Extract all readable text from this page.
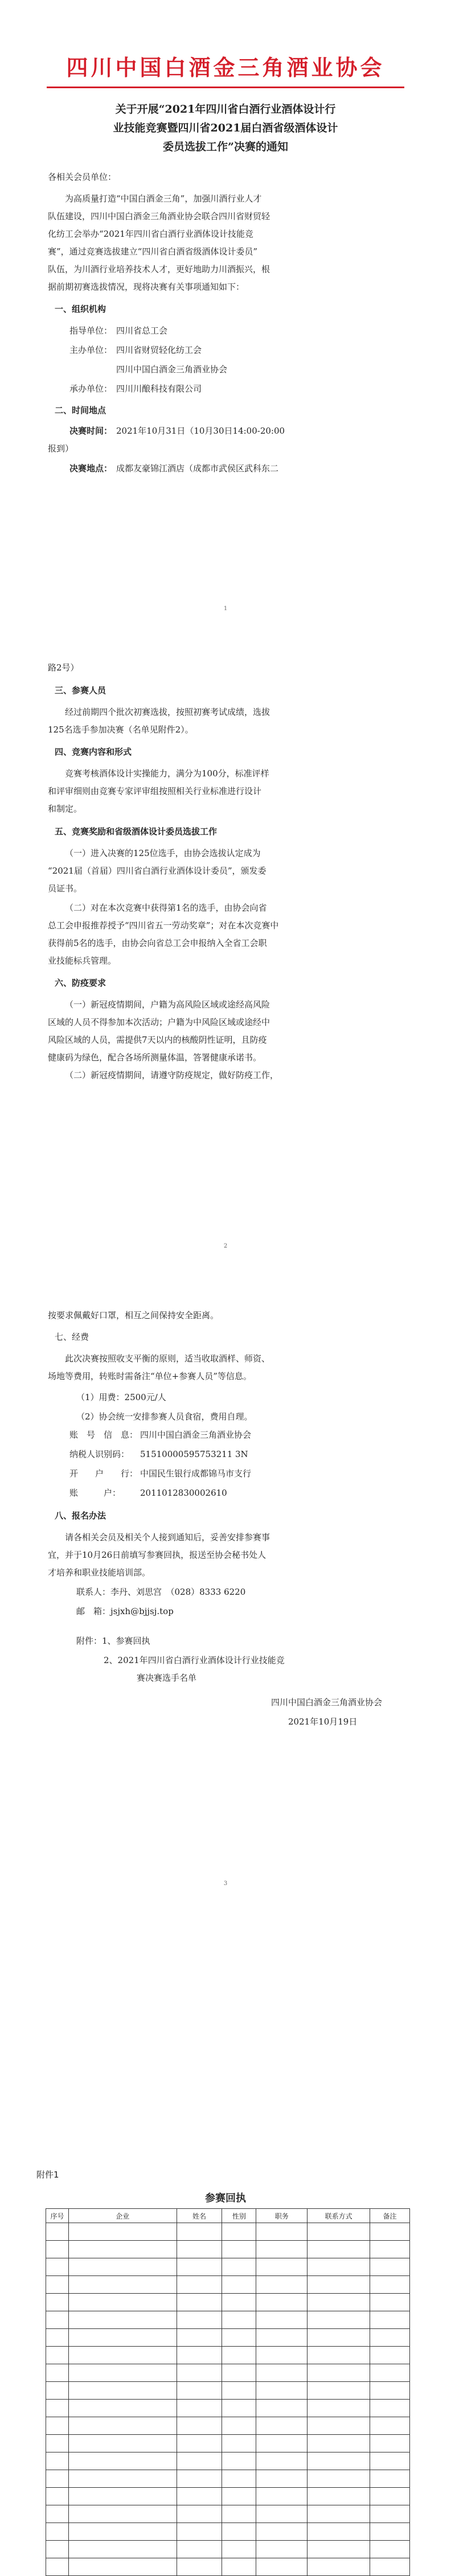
四川中国白酒金三角酒业协会
关于开展“2021年四川省白酒行业酒体设计行
业技能竞赛暨四川省2021届白酒省级酒体设计
委员选拔工作”决赛的通知
各相关会员单位：
为高质量打造“中国白酒金三角”，加强川酒行业人才
队伍建设，四川中国白酒金三角酒业协会联合四川省财贸轻
化纺工会举办“2021年四川省白酒行业酒体设计技能竞
赛”，通过竞赛选拔建立“四川省白酒省级酒体设计委员”
队伍，为川酒行业培养技术人才，更好地助力川酒振兴，根
据前期初赛选拔情况，现将决赛有关事项通知如下：
一、组织机构
指导单位： 四川省总工会
主办单位： 四川省财贸轻化纺工会
四川中国白酒金三角酒业协会
承办单位： 四川川酿科技有限公司
二、时间地点
决赛时间： 2021年10月31日（10月30日14:00-20:00
报到）
决赛地点： 成都友豪锦江酒店（成都市武侯区武科东二
1
路2号）
三、参赛人员
经过前期四个批次初赛选拔，按照初赛考试成绩，选拔
125名选手参加决赛（名单见附件2）。
四、竞赛内容和形式
竞赛考核酒体设计实操能力，满分为100分，标准评样
和评审细则由竞赛专家评审组按照相关行业标准进行设计
和制定。
五、竞赛奖励和省级酒体设计委员选拔工作
（一）进入决赛的125位选手，由协会选拔认定成为
“2021届（首届）四川省白酒行业酒体设计委员”，颁发委
员证书。
（二）对在本次竞赛中获得第1名的选手，由协会向省
总工会申报推荐授予“四川省五一劳动奖章”；对在本次竞赛中
获得前5名的选手，由协会向省总工会申报纳入全省工会职
业技能标兵管理。
六、防疫要求
（一）新冠疫情期间，户籍为高风险区域或途经高风险
区域的人员不得参加本次活动；户籍为中风险区域或途经中
风险区域的人员，需提供7天以内的核酸阴性证明，且防疫
健康码为绿色，配合各场所测量体温，答署健康承诺书。
（二）新冠疫情期间，请遵守防疫规定，做好防疫工作，
2
按要求佩戴好口罩，相互之间保持安全距离。
七、经费
此次决赛按照收支平衡的原则，适当收取酒样、师资、
场地等费用，转账时需备注“单位+参赛人员”等信息。
（1）用费：2500元/人
（2）协会统一安排参赛人员食宿，费用自理。
账　号　信　息： 四川中国白酒金三角酒业协会
纳税人识别码： 51510000595753211 3N
开　　户　　行： 中国民生银行成都锦马市支行
账　　　户： 2011012830002610
八、报名办法
请各相关会员及相关个人接到通知后，妥善安排参赛事
宜，并于10月26日前填写参赛回执，报送至协会秘书处人
才培养和职业技能培训部。
联系人：李丹、刘思宫　（028）8333 6220
邮　箱：jsjxh@bjjsj.top
附件：1、参赛回执
2、2021年四川省白酒行业酒体设计行业技能竞
赛决赛选手名单
四川中国白酒金三角酒业协会
2021年10月19日
3
附件1
参赛回执
序号	企业	姓名	性别	职务	联系方式	备注
